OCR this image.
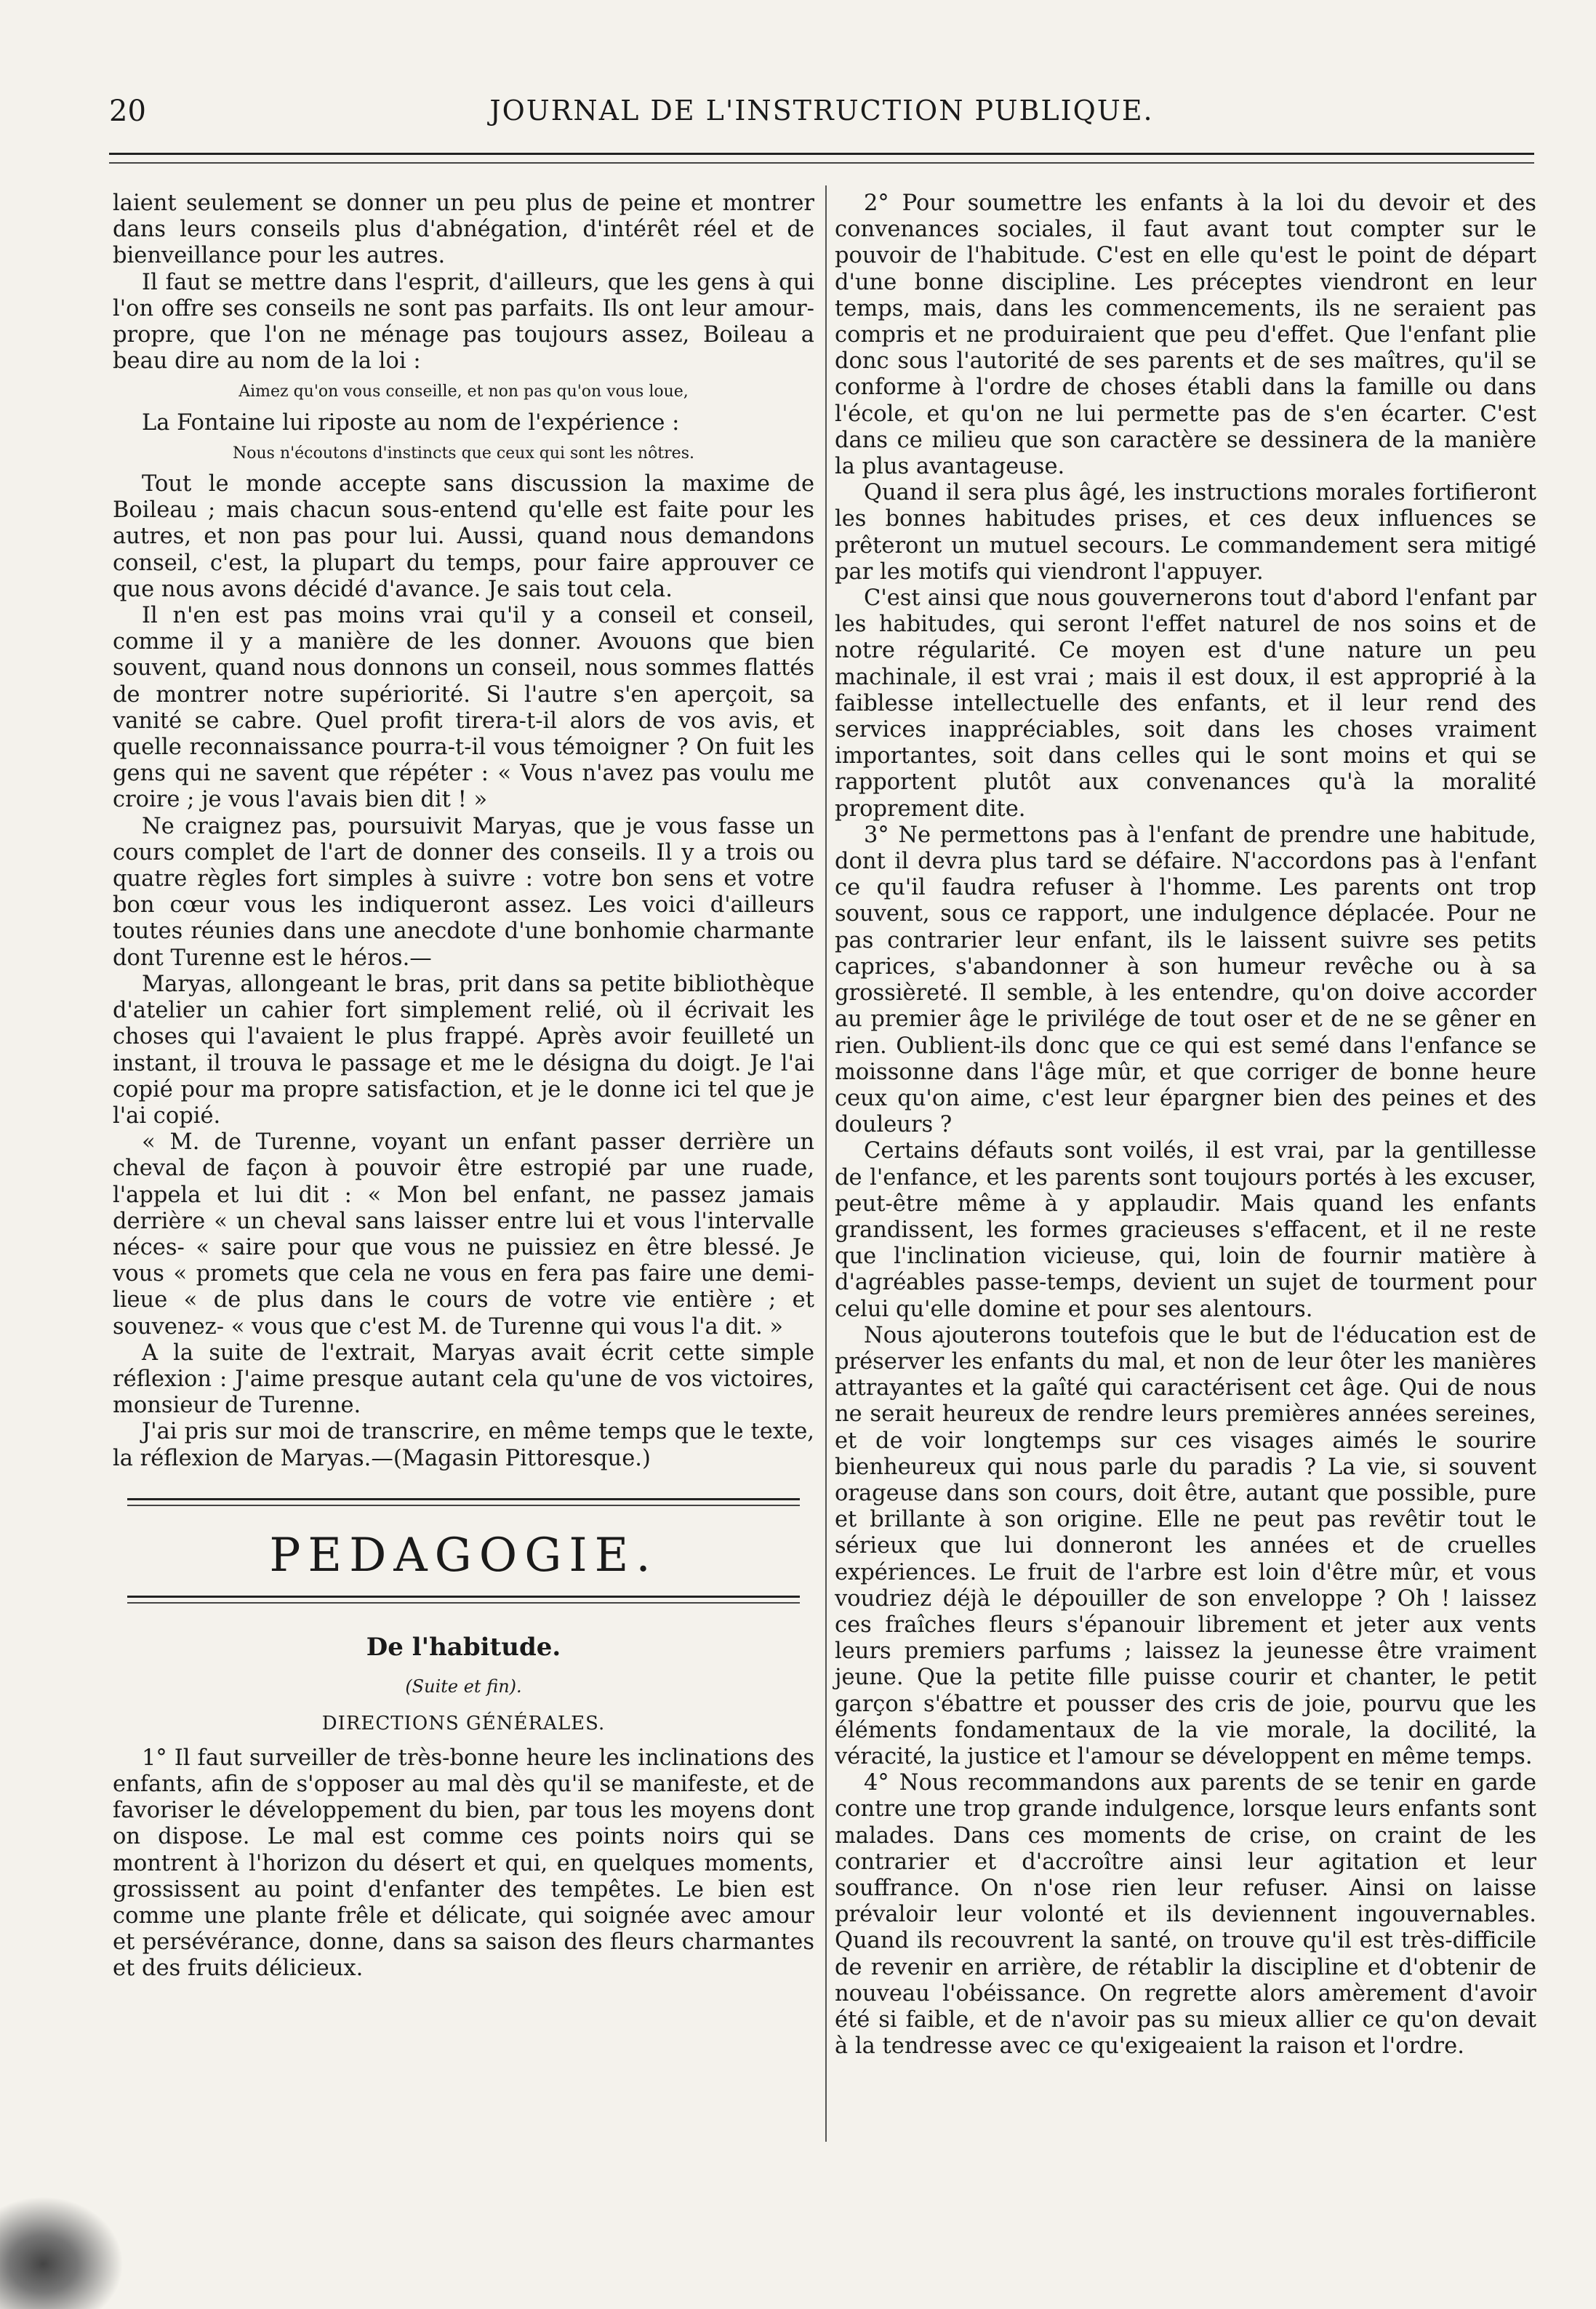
20	JOURNAL DE L'INSTRUCTION PUBLIQUE.

laient seulement se donner un peu plus de peine et montrer dans leurs conseils plus d'abnégation, d'intérêt réel et de bienveillance pour les autres.

Il faut se mettre dans l'esprit, d'ailleurs, que les gens à qui l'on offre ses conseils ne sont pas parfaits. Ils ont leur amour-propre, que l'on ne ménage pas toujours assez, Boileau a beau dire au nom de la loi :

Aimez qu'on vous conseille, et non pas qu'on vous loue,

La Fontaine lui riposte au nom de l'expérience :

Nous n'écoutons d'instincts que ceux qui sont les nôtres.

Tout le monde accepte sans discussion la maxime de Boileau ; mais chacun sous-entend qu'elle est faite pour les autres, et non pas pour lui. Aussi, quand nous demandons conseil, c'est, la plupart du temps, pour faire approuver ce que nous avons décidé d'avance. Je sais tout cela.

Il n'en est pas moins vrai qu'il y a conseil et conseil, comme il y a manière de les donner. Avouons que bien souvent, quand nous donnons un conseil, nous sommes flattés de montrer notre supériorité. Si l'autre s'en aperçoit, sa vanité se cabre. Quel profit tirera-t-il alors de vos avis, et quelle reconnaissance pourra-t-il vous témoigner ? On fuit les gens qui ne savent que répéter : « Vous n'avez pas voulu me croire ; je vous l'avais bien dit ! »

Ne craignez pas, poursuivit Maryas, que je vous fasse un cours complet de l'art de donner des conseils. Il y a trois ou quatre règles fort simples à suivre : votre bon sens et votre bon cœur vous les indiqueront assez. Les voici d'ailleurs toutes réunies dans une anecdote d'une bonhomie charmante dont Turenne est le héros.—

Maryas, allongeant le bras, prit dans sa petite bibliothèque d'atelier un cahier fort simplement relié, où il écrivait les choses qui l'avaient le plus frappé. Après avoir feuilleté un instant, il trouva le passage et me le désigna du doigt. Je l'ai copié pour ma propre satisfaction, et je le donne ici tel que je l'ai copié.

« M. de Turenne, voyant un enfant passer derrière un cheval de façon à pouvoir être estropié par une ruade, l'appela et lui dit : « Mon bel enfant, ne passez jamais derrière « un cheval sans laisser entre lui et vous l'intervalle néces- « saire pour que vous ne puissiez en être blessé. Je vous « promets que cela ne vous en fera pas faire une demi-lieue « de plus dans le cours de votre vie entière ; et souvenez- « vous que c'est M. de Turenne qui vous l'a dit. »

A la suite de l'extrait, Maryas avait écrit cette simple réflexion : J'aime presque autant cela qu'une de vos victoires, monsieur de Turenne.

J'ai pris sur moi de transcrire, en même temps que le texte, la réflexion de Maryas.—(Magasin Pittoresque.)

PEDAGOGIE.
De l'habitude.
(Suite et fin).
DIRECTIONS GÉNÉRALES.

1° Il faut surveiller de très-bonne heure les inclinations des enfants, afin de s'opposer au mal dès qu'il se manifeste, et de favoriser le développement du bien, par tous les moyens dont on dispose. Le mal est comme ces points noirs qui se montrent à l'horizon du désert et qui, en quelques moments, grossissent au point d'enfanter des tempêtes. Le bien est comme une plante frêle et délicate, qui soignée avec amour et persévérance, donne, dans sa saison des fleurs charmantes et des fruits délicieux.

2° Pour soumettre les enfants à la loi du devoir et des convenances sociales, il faut avant tout compter sur le pouvoir de l'habitude. C'est en elle qu'est le point de départ d'une bonne discipline. Les préceptes viendront en leur temps, mais, dans les commencements, ils ne seraient pas compris et ne produiraient que peu d'effet. Que l'enfant plie donc sous l'autorité de ses parents et de ses maîtres, qu'il se conforme à l'ordre de choses établi dans la famille ou dans l'école, et qu'on ne lui permette pas de s'en écarter. C'est dans ce milieu que son caractère se dessinera de la manière la plus avantageuse.

Quand il sera plus âgé, les instructions morales fortifieront les bonnes habitudes prises, et ces deux influences se prêteront un mutuel secours. Le commandement sera mitigé par les motifs qui viendront l'appuyer.

C'est ainsi que nous gouvernerons tout d'abord l'enfant par les habitudes, qui seront l'effet naturel de nos soins et de notre régularité. Ce moyen est d'une nature un peu machinale, il est vrai ; mais il est doux, il est approprié à la faiblesse intellectuelle des enfants, et il leur rend des services inappréciables, soit dans les choses vraiment importantes, soit dans celles qui le sont moins et qui se rapportent plutôt aux convenances qu'à la moralité proprement dite.

3° Ne permettons pas à l'enfant de prendre une habitude, dont il devra plus tard se défaire. N'accordons pas à l'enfant ce qu'il faudra refuser à l'homme. Les parents ont trop souvent, sous ce rapport, une indulgence déplacée. Pour ne pas contrarier leur enfant, ils le laissent suivre ses petits caprices, s'abandonner à son humeur revêche ou à sa grossièreté. Il semble, à les entendre, qu'on doive accorder au premier âge le privilége de tout oser et de ne se gêner en rien. Oublient-ils donc que ce qui est semé dans l'enfance se moissonne dans l'âge mûr, et que corriger de bonne heure ceux qu'on aime, c'est leur épargner bien des peines et des douleurs ?

Certains défauts sont voilés, il est vrai, par la gentillesse de l'enfance, et les parents sont toujours portés à les excuser, peut-être même à y applaudir. Mais quand les enfants grandissent, les formes gracieuses s'effacent, et il ne reste que l'inclination vicieuse, qui, loin de fournir matière à d'agréables passe-temps, devient un sujet de tourment pour celui qu'elle domine et pour ses alentours.

Nous ajouterons toutefois que le but de l'éducation est de préserver les enfants du mal, et non de leur ôter les manières attrayantes et la gaîté qui caractérisent cet âge. Qui de nous ne serait heureux de rendre leurs premières années sereines, et de voir longtemps sur ces visages aimés le sourire bienheureux qui nous parle du paradis ? La vie, si souvent orageuse dans son cours, doit être, autant que possible, pure et brillante à son origine. Elle ne peut pas revêtir tout le sérieux que lui donneront les années et de cruelles expériences. Le fruit de l'arbre est loin d'être mûr, et vous voudriez déjà le dépouiller de son enveloppe ? Oh ! laissez ces fraîches fleurs s'épanouir librement et jeter aux vents leurs premiers parfums ; laissez la jeunesse être vraiment jeune. Que la petite fille puisse courir et chanter, le petit garçon s'ébattre et pousser des cris de joie, pourvu que les éléments fondamentaux de la vie morale, la docilité, la véracité, la justice et l'amour se développent en même temps.

4° Nous recommandons aux parents de se tenir en garde contre une trop grande indulgence, lorsque leurs enfants sont malades. Dans ces moments de crise, on craint de les contrarier et d'accroître ainsi leur agitation et leur souffrance. On n'ose rien leur refuser. Ainsi on laisse prévaloir leur volonté et ils deviennent ingouvernables. Quand ils recouvrent la santé, on trouve qu'il est très-difficile de revenir en arrière, de rétablir la discipline et d'obtenir de nouveau l'obéissance. On regrette alors amèrement d'avoir été si faible, et de n'avoir pas su mieux allier ce qu'on devait à la tendresse avec ce qu'exigeaient la raison et l'ordre.
